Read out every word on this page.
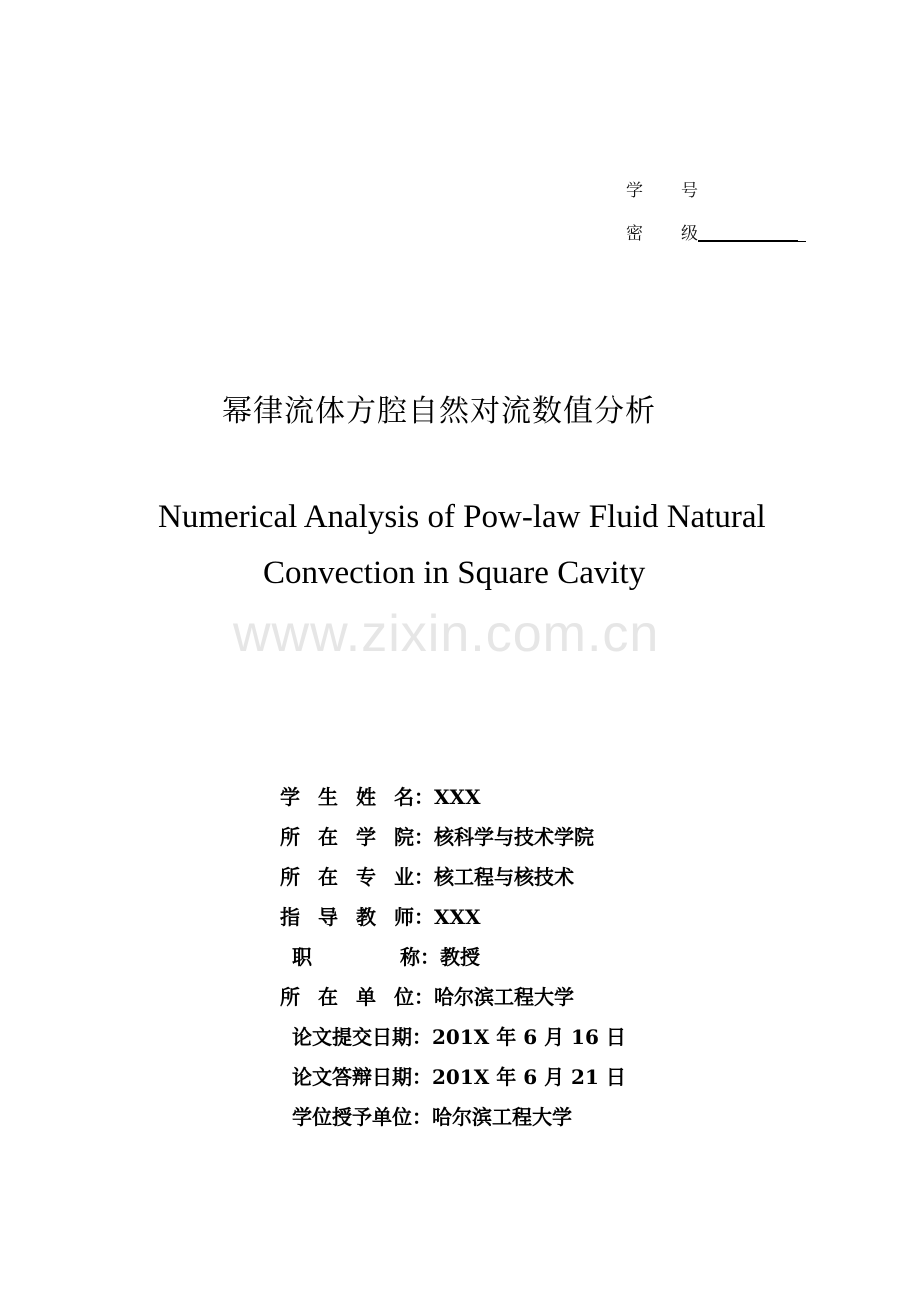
学 号
密 级
幂律流体方腔自然对流数值分析
Numerical Analysis of Pow-law Fluid Natural
Convection in Square Cavity
www.zixin.com.cn
学 生 姓 名：XXX
所 在 学 院：核科学与技术学院
所 在 专 业：核工程与核技术
指 导 教 师：XXX
职	称：教授
所 在 单 位：哈尔滨工程大学
论文提交日期：201X 年 6 月 16 日
论文答辩日期：201X 年 6 月 21 日
学位授予单位：哈尔滨工程大学
